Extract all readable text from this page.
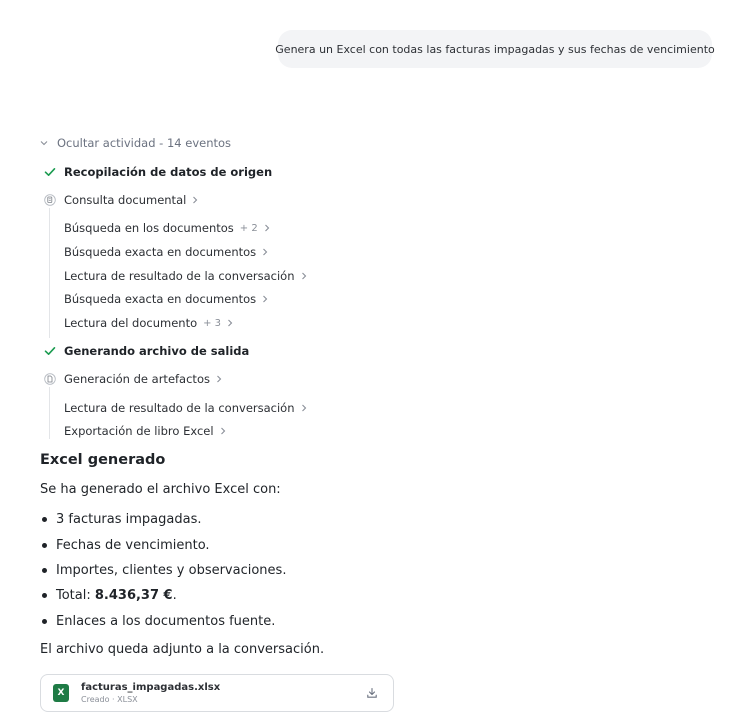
Genera un Excel con todas las facturas impagadas y sus fechas de vencimiento
Ocultar actividad - 14 eventos
Recopilación de datos de origen
Consulta documental
Búsqueda en los documentos + 2
Búsqueda exacta en documentos
Lectura de resultado de la conversación
Búsqueda exacta en documentos
Lectura del documento + 3
Generando archivo de salida
Generación de artefactos
Lectura de resultado de la conversación
Exportación de libro Excel
Excel generado
Se ha generado el archivo Excel con:
3 facturas impagadas.
Fechas de vencimiento.
Importes, clientes y observaciones.
Total: 8.436,37 € .
Enlaces a los documentos fuente.
El archivo queda adjunto a la conversación.
X facturas_impagadas.xlsx
Creado · XLSX
